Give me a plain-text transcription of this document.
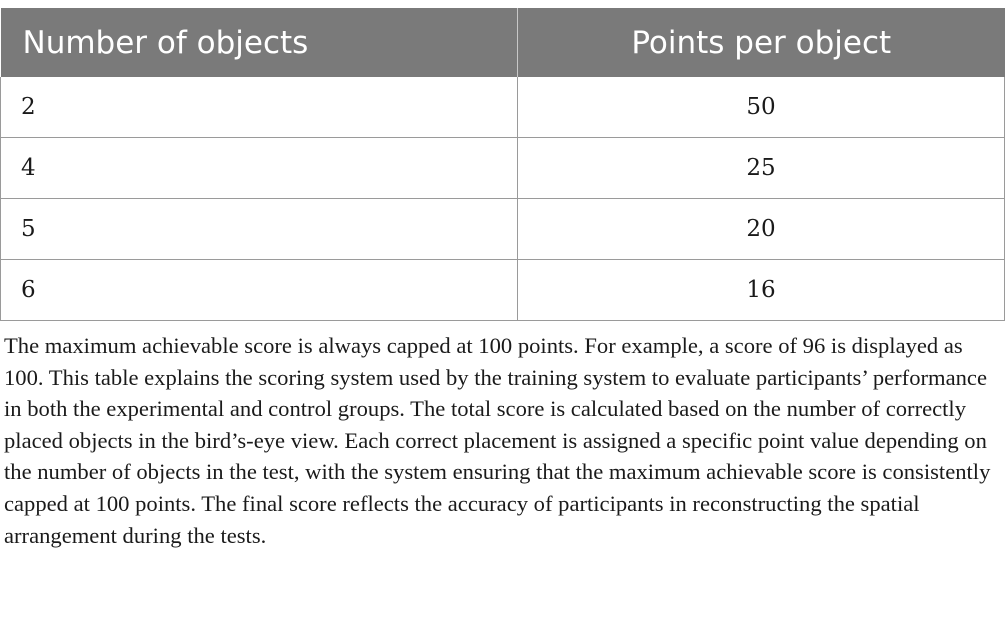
Number of objects	Points per object
2	50
4	25
5	20
6	16

The maximum achievable score is always capped at 100 points. For example, a score of 96 is displayed as 100. This table explains the scoring system used by the training system to evaluate participants’ performance in both the experimental and control groups. The total score is calculated based on the number of correctly placed objects in the bird’s-eye view. Each correct placement is assigned a specific point value depending on the number of objects in the test, with the system ensuring that the maximum achievable score is consistently capped at 100 points. The final score reflects the accuracy of participants in reconstructing the spatial arrangement during the tests.
